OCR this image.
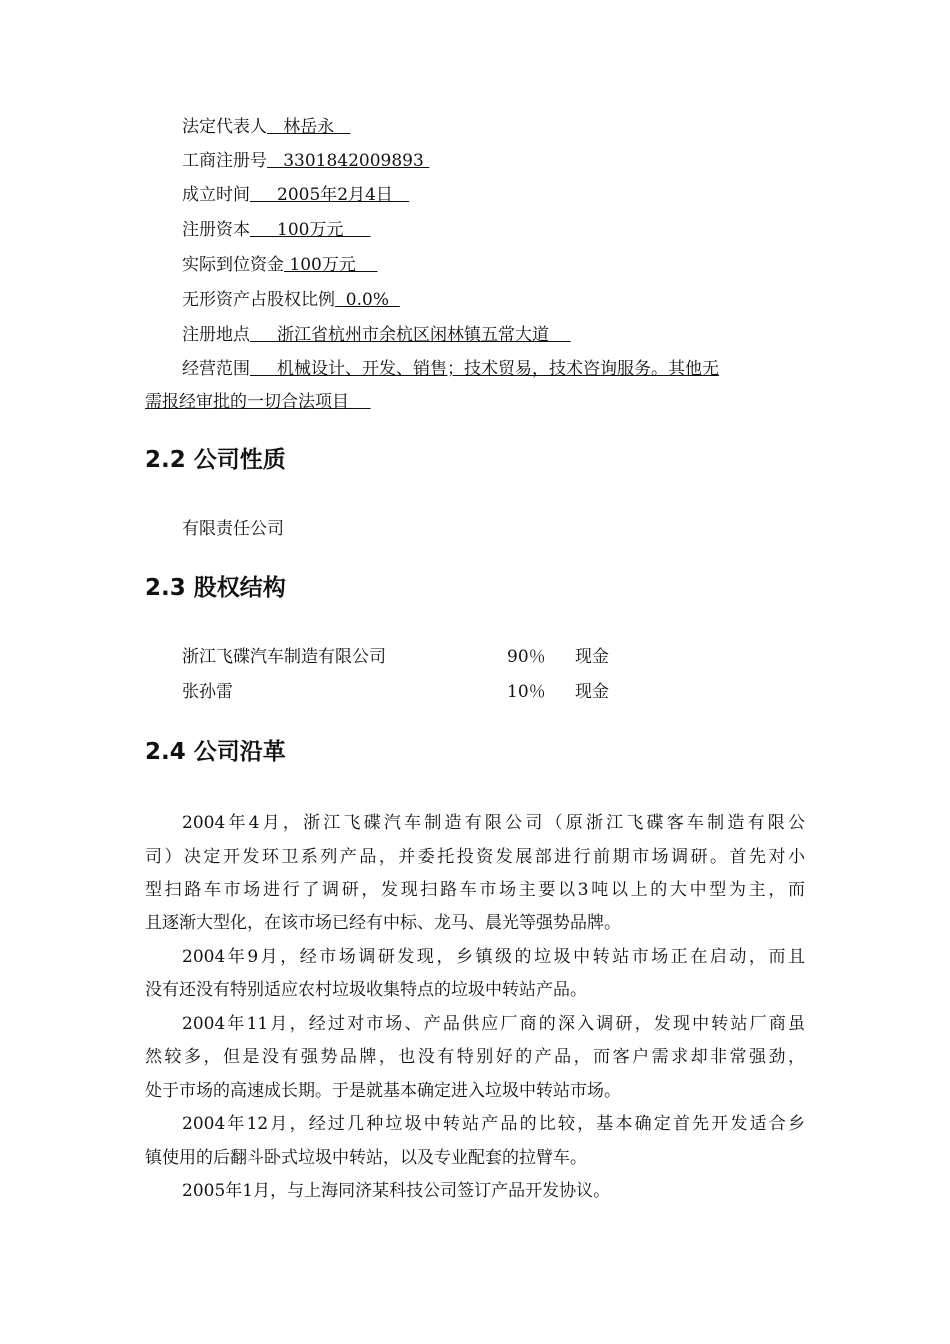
法定代表人   林岳永
工商注册号   3301842009893
成立时间     2005年2月4日
注册资本     100万元
实际到位资金 100万元
无形资产占股权比例  0.0%
注册地点     浙江省杭州市余杭区闲林镇五常大道
经营范围     机械设计、开发、销售；技术贸易，技术咨询服务。其他无
需报经审批的一切合法项目
2.2 公司性质
有限责任公司
2.3 股权结构
浙江飞碟汽车制造有限公司	90％ 现金
张孙雷	10％ 现金
2.4 公司沿革
2004年4月，浙江飞碟汽车制造有限公司（原浙江飞碟客车制造有限公
司）决定开发环卫系列产品，并委托投资发展部进行前期市场调研。首先对小
型扫路车市场进行了调研，发现扫路车市场主要以3吨以上的大中型为主，而
且逐渐大型化，在该市场已经有中标、龙马、晨光等强势品牌。
2004年9月，经市场调研发现，乡镇级的垃圾中转站市场正在启动，而且
没有还没有特别适应农村垃圾收集特点的垃圾中转站产品。
2004年11月，经过对市场、产品供应厂商的深入调研，发现中转站厂商虽
然较多，但是没有强势品牌，也没有特别好的产品，而客户需求却非常强劲，
处于市场的高速成长期。于是就基本确定进入垃圾中转站市场。
2004年12月，经过几种垃圾中转站产品的比较，基本确定首先开发适合乡
镇使用的后翻斗卧式垃圾中转站，以及专业配套的拉臂车。
2005年1月，与上海同济某科技公司签订产品开发协议。
